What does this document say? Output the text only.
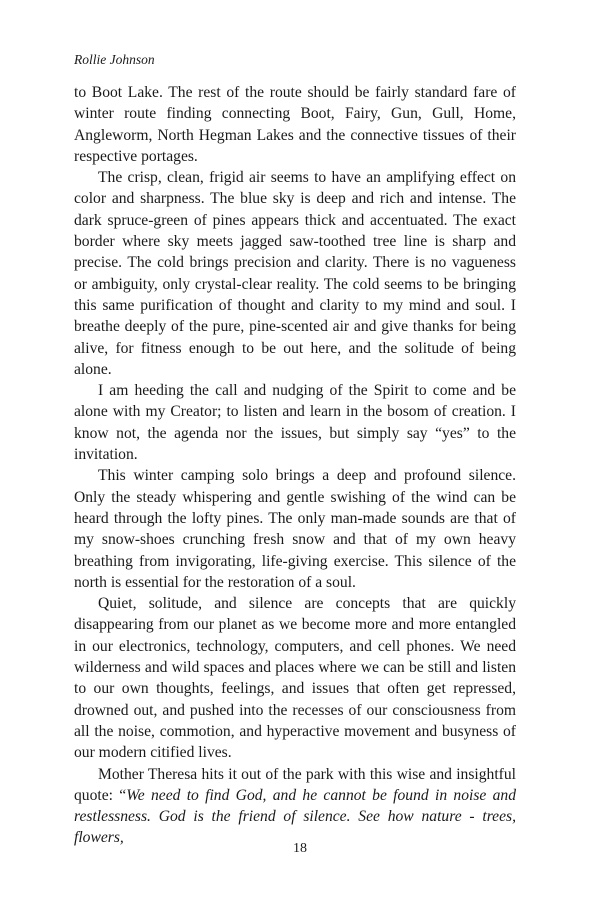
Rollie Johnson

to Boot Lake. The rest of the route should be fairly standard fare of winter route finding connecting Boot, Fairy, Gun, Gull, Home, Angleworm, North Hegman Lakes and the connective tissues of their respective portages.

The crisp, clean, frigid air seems to have an amplifying effect on color and sharpness. The blue sky is deep and rich and intense. The dark spruce-green of pines appears thick and accentuated. The exact border where sky meets jagged saw-toothed tree line is sharp and precise. The cold brings precision and clarity. There is no vagueness or ambiguity, only crystal-clear reality. The cold seems to be bringing this same purification of thought and clarity to my mind and soul. I breathe deeply of the pure, pine-scented air and give thanks for being alive, for fitness enough to be out here, and the solitude of being alone.

I am heeding the call and nudging of the Spirit to come and be alone with my Creator; to listen and learn in the bosom of creation. I know not, the agenda nor the issues, but simply say “yes” to the invitation.

This winter camping solo brings a deep and profound silence. Only the steady whispering and gentle swishing of the wind can be heard through the lofty pines. The only man-made sounds are that of my snow-shoes crunching fresh snow and that of my own heavy breathing from invigorating, life-giving exercise. This silence of the north is essential for the restoration of a soul.

Quiet, solitude, and silence are concepts that are quickly disappearing from our planet as we become more and more entangled in our electronics, technology, computers, and cell phones. We need wilderness and wild spaces and places where we can be still and listen to our own thoughts, feelings, and issues that often get repressed, drowned out, and pushed into the recesses of our consciousness from all the noise, commotion, and hyperactive movement and busyness of our modern citified lives.

Mother Theresa hits it out of the park with this wise and insightful quote: “We need to find God, and he cannot be found in noise and restlessness. God is the friend of silence. See how nature - trees, flowers,

18
